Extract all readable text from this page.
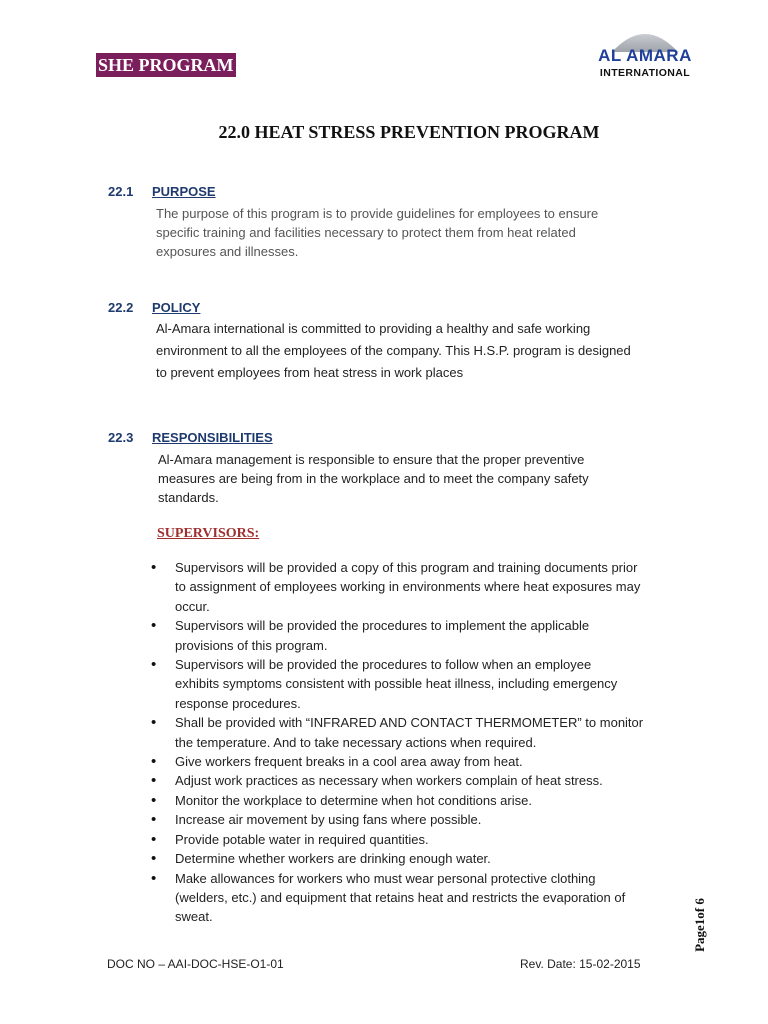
SHE PROGRAM	AL AMARA
INTERNATIONAL
22.0 HEAT STRESS PREVENTION PROGRAM
22.1 PURPOSE
The purpose of this program is to provide guidelines for employees to ensure
specific training and facilities necessary to protect them from heat related
exposures and illnesses.
22.2 POLICY
Al-Amara international is committed to providing a healthy and safe working
environment to all the employees of the company. This H.S.P. program is designed
to prevent employees from heat stress in work places
22.3 RESPONSIBILITIES
Al-Amara management is responsible to ensure that the proper preventive
measures are being from in the workplace and to meet the company safety
standards.
SUPERVISORS:
• Supervisors will be provided a copy of this program and training documents prior
to assignment of employees working in environments where heat exposures may
occur.
• Supervisors will be provided the procedures to implement the applicable
provisions of this program.
• Supervisors will be provided the procedures to follow when an employee
exhibits symptoms consistent with possible heat illness, including emergency
response procedures.
• Shall be provided with “INFRARED AND CONTACT THERMOMETER” to monitor
the temperature. And to take necessary actions when required.
• Give workers frequent breaks in a cool area away from heat.
• Adjust work practices as necessary when workers complain of heat stress.
• Monitor the workplace to determine when hot conditions arise.
• Increase air movement by using fans where possible.
• Provide potable water in required quantities.
• Determine whether workers are drinking enough water.
• Make allowances for workers who must wear personal protective clothing
(welders, etc.) and equipment that retains heat and restricts the evaporation of
sweat.
DOC NO – AAI-DOC-HSE-O1-01	Rev. Date: 15-02-2015
Page1of 6
